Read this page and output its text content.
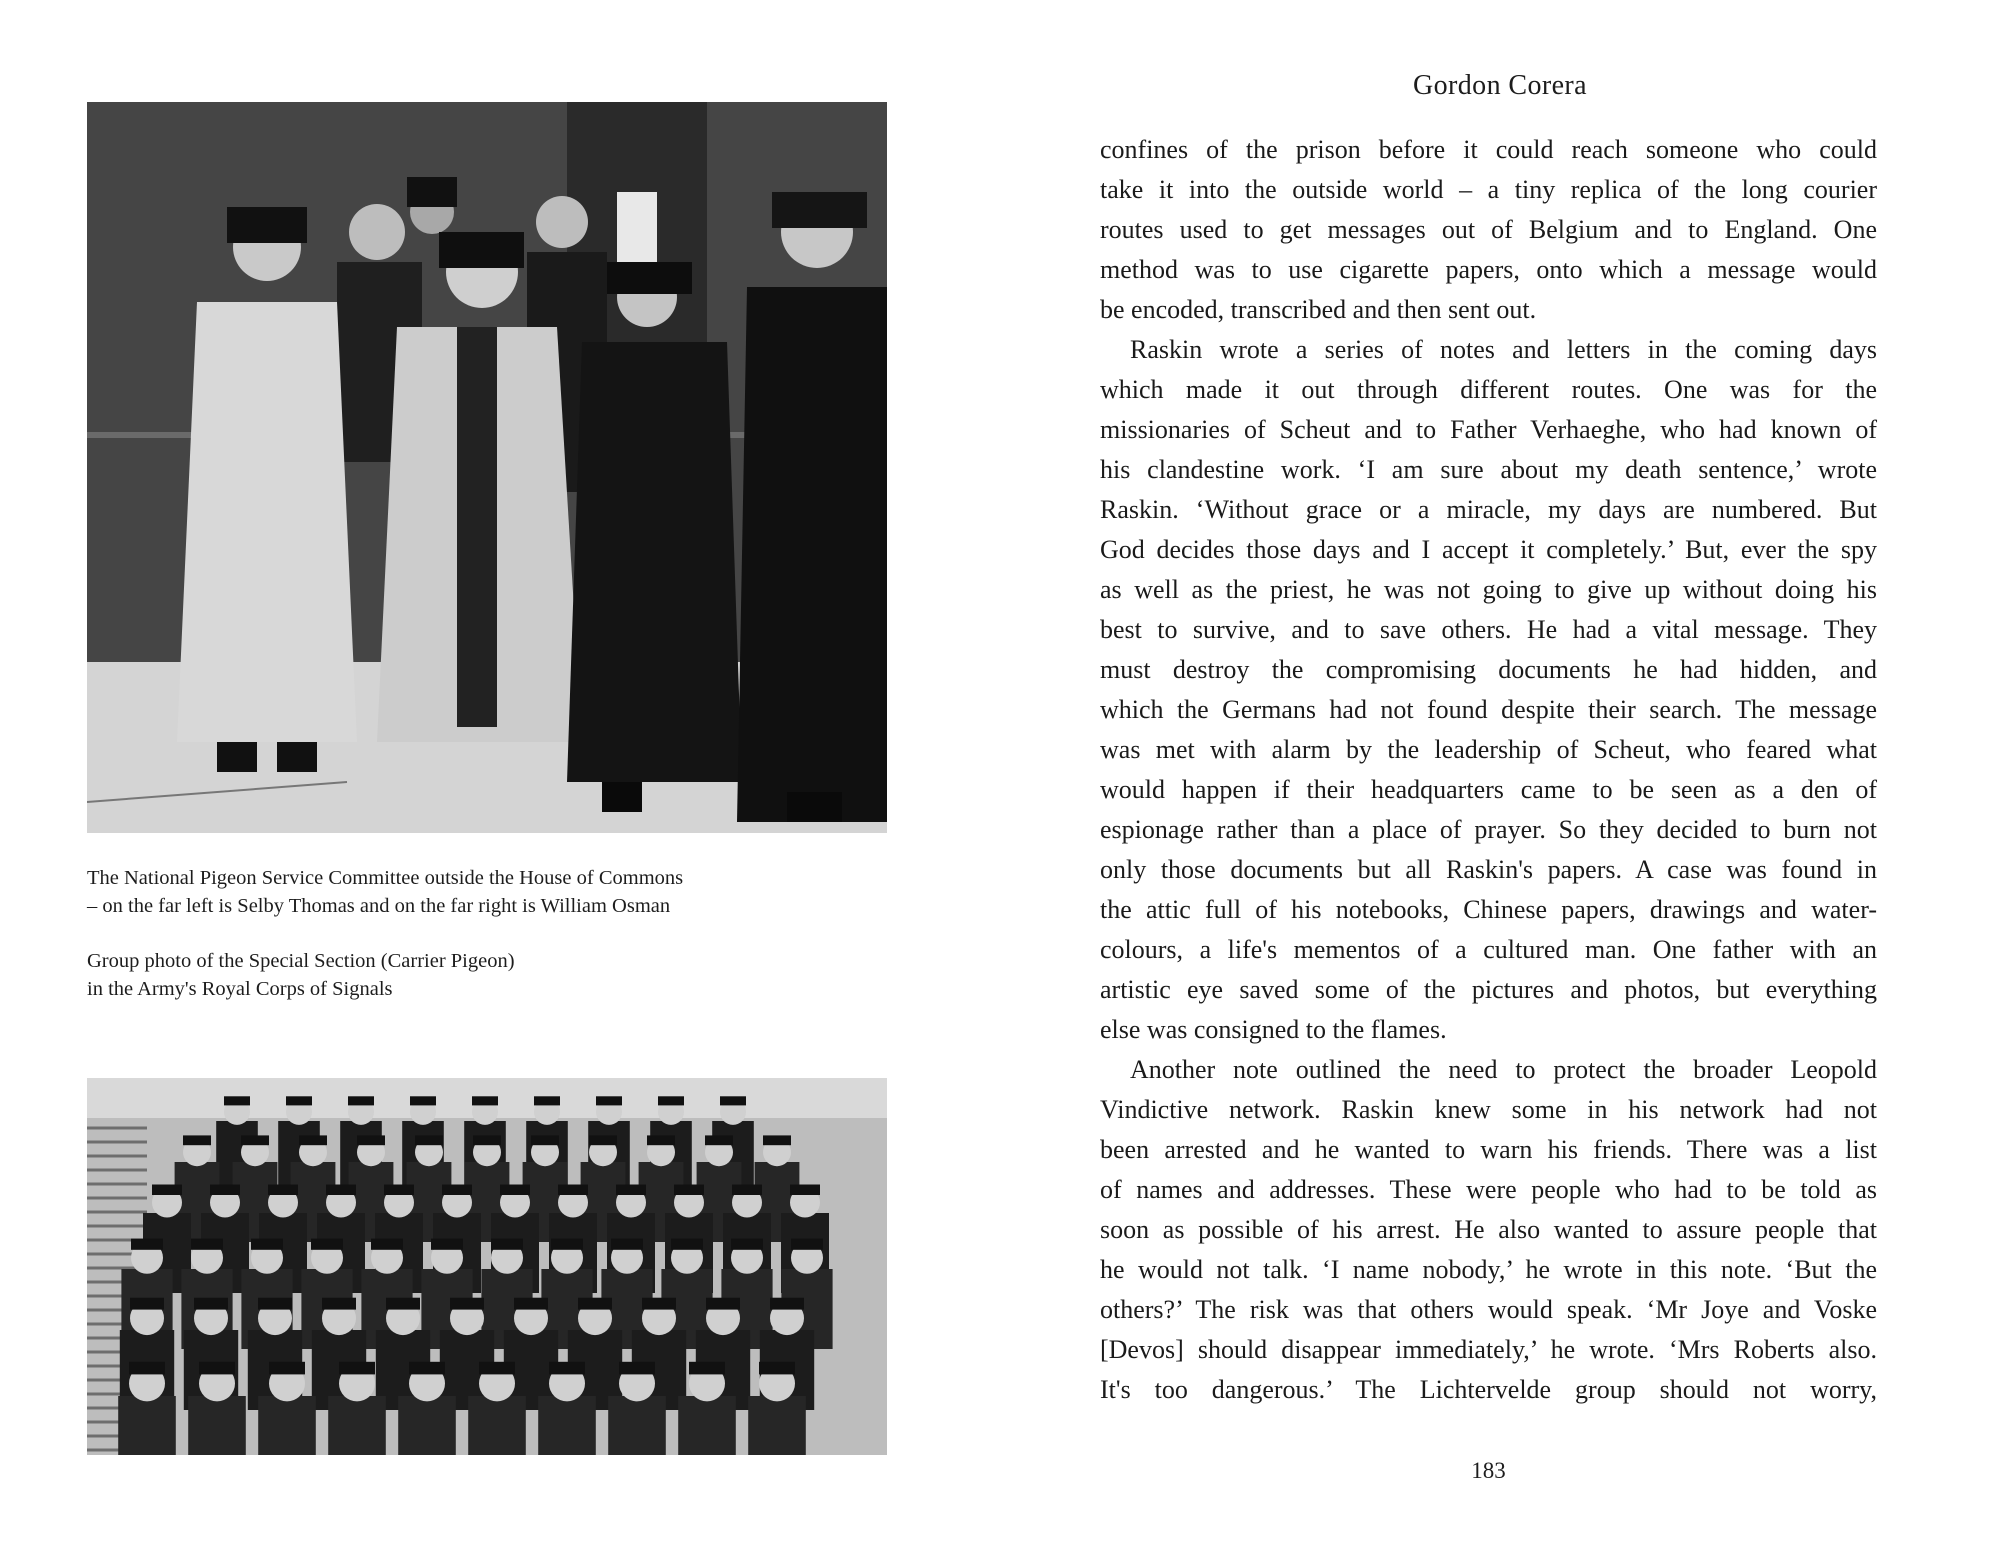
The National Pigeon Service Committee outside the House of Commons
– on the far left is Selby Thomas and on the far right is William Osman
Group photo of the Special Section (Carrier Pigeon)
in the Army's Royal Corps of Signals
Gordon Corera
confines of the prison before it could reach someone who could
take it into the outside world – a tiny replica of the long courier
routes used to get messages out of Belgium and to England. One
method was to use cigarette papers, onto which a message would
be encoded, transcribed and then sent out.
Raskin wrote a series of notes and letters in the coming days
which made it out through different routes. One was for the
missionaries of Scheut and to Father Verhaeghe, who had known of
his clandestine work. ‘I am sure about my death sentence,’ wrote
Raskin. ‘Without grace or a miracle, my days are numbered. But
God decides those days and I accept it completely.’ But, ever the spy
as well as the priest, he was not going to give up without doing his
best to survive, and to save others. He had a vital message. They
must destroy the compromising documents he had hidden, and
which the Germans had not found despite their search. The message
was met with alarm by the leadership of Scheut, who feared what
would happen if their headquarters came to be seen as a den of
espionage rather than a place of prayer. So they decided to burn not
only those documents but all Raskin's papers. A case was found in
the attic full of his notebooks, Chinese papers, drawings and water-
colours, a life's mementos of a cultured man. One father with an
artistic eye saved some of the pictures and photos, but everything
else was consigned to the flames.
Another note outlined the need to protect the broader Leopold
Vindictive network. Raskin knew some in his network had not
been arrested and he wanted to warn his friends. There was a list
of names and addresses. These were people who had to be told as
soon as possible of his arrest. He also wanted to assure people that
he would not talk. ‘I name nobody,’ he wrote in this note. ‘But the
others?’ The risk was that others would speak. ‘Mr Joye and Voske
[Devos] should disappear immediately,’ he wrote. ‘Mrs Roberts also.
It's too dangerous.’ The Lichtervelde group should not worry,
183
